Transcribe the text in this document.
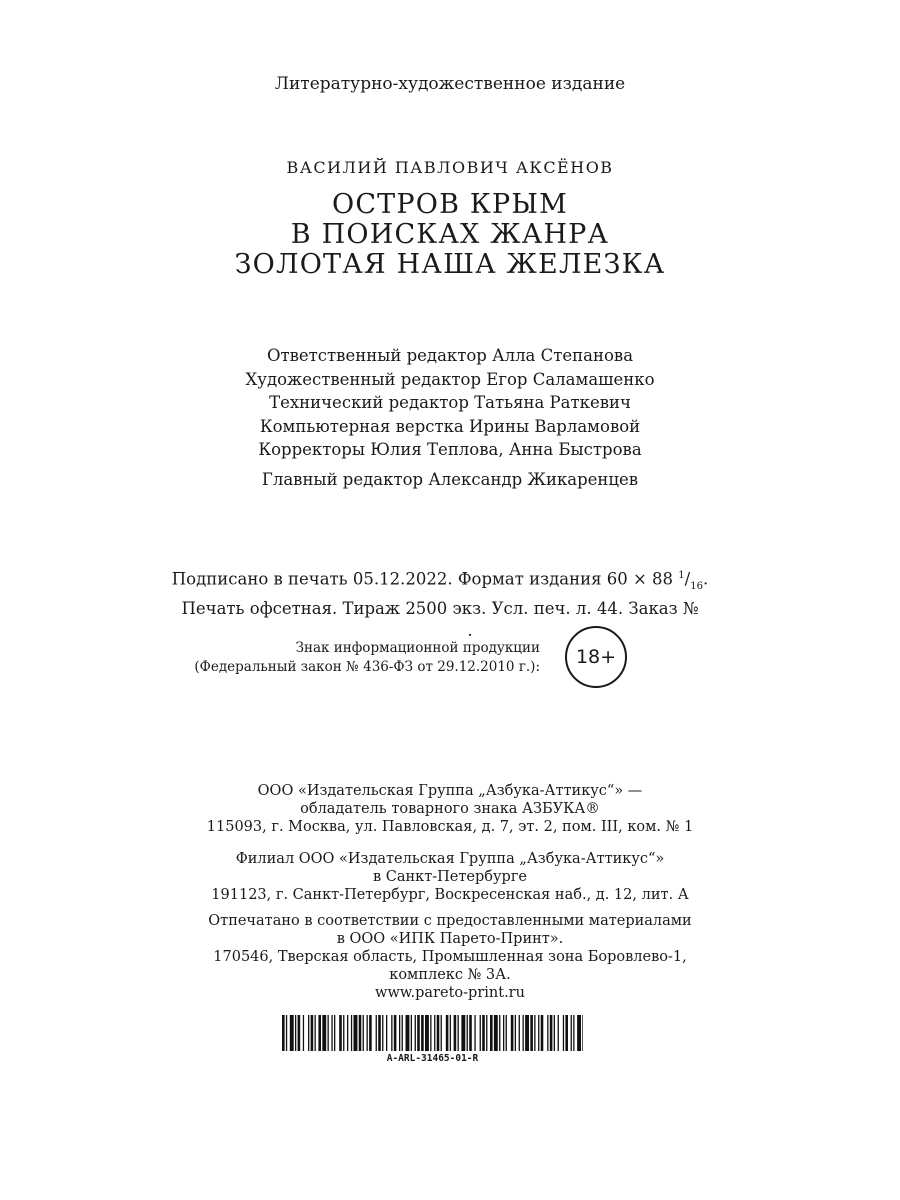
Литературно-художественное издание
ВАСИЛИЙ ПАВЛОВИЧ АКСЁНОВ
ОСТРОВ КРЫМ
В ПОИСКАХ ЖАНРА
ЗОЛОТАЯ НАША ЖЕЛЕЗКА
Ответственный редактор Алла Степанова
Художественный редактор Егор Саламашенко
Технический редактор Татьяна Раткевич
Компьютерная верстка Ирины Варламовой
Корректоры Юлия Теплова, Анна Быстрова
Главный редактор Александр Жикаренцев
Подписано в печать 05.12.2022. Формат издания 60 × 88 $^1/_{16}$.
Печать офсетная. Тираж 2500 экз. Усл. печ. л. 44. Заказ №.
Знак информационной продукции
(Федеральный закон № 436-ФЗ от 29.12.2010 г.):	18+
ООО «Издательская Группа „Азбука-Аттикус“» —
обладатель товарного знака АЗБУКА®
115093, г. Москва, ул. Павловская, д. 7, эт. 2, пом. III, ком. № 1
Филиал ООО «Издательская Группа „Азбука-Аттикус“»
в Санкт-Петербурге
191123, г. Санкт-Петербург, Воскресенская наб., д. 12, лит. А
Отпечатано в соответствии с предоставленными материалами
в ООО «ИПК Парето-Принт».
170546, Тверская область, Промышленная зона Боровлево-1,
комплекс № 3А.
www.pareto-print.ru
A-ARL-31465-01-R
